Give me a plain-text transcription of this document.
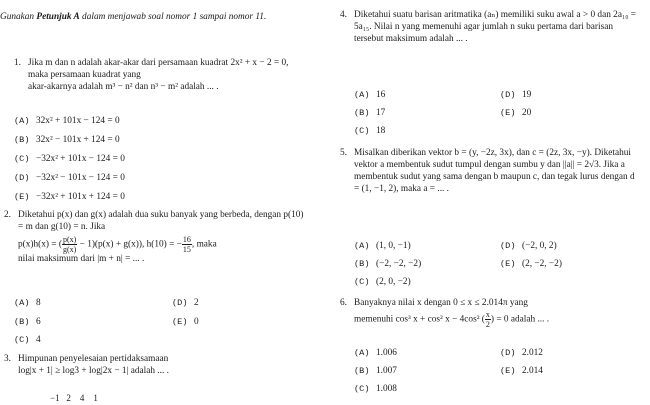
Gunakan Petunjuk A dalam menjawab soal nomor 1 sampai nomor 11.

1. Jika m dan n adalah akar-akar dari persamaan kuadrat 2x² + x − 2 = 0, maka persamaan kuadrat yang

akar-akarnya adalah m³ − n² dan n³ − m² adalah ... .

(A) 32x² + 101x − 124 = 0
(B) 32x² − 101x + 124 = 0
(C) −32x² + 101x − 124 = 0
(D) −32x² − 101x − 124 = 0
(E) −32x² + 101x + 124 = 0
2. Diketahui p(x) dan g(x) adalah dua suku banyak yang berbeda, dengan p(10) = m dan g(10) = n. Jika

p(x)h(x) = ( $\frac{p(x)}{g(x)} - 1)(p(x) + g(x))$, h(10) = − $\frac{16}{15}$ , maka

nilai maksimum dari |m + n| = ... .

(A) 8
(B) 6
(C) 4
(D) 2
(E) 0
3. Himpunan penyelesaian pertidaksamaan

log|x + 1| ≥ log3 + log|2x − 1| adalah ... .

−1   2    4    1
4. Diketahui suatu barisan aritmatika (aₙ) memiliki suku awal a > 0 dan 2a₁₀ = 5a₁₅. Nilai n yang memenuhi agar jumlah n suku pertama dari barisan tersebut maksimum adalah ... .

(A) 16
(B) 17
(C) 18
(D) 19
(E) 20
5. Misalkan diberikan vektor b = (y, −2z, 3x), dan c = (2z, 3x, −y). Diketahui vektor a membentuk sudut tumpul dengan sumbu y dan ||a|| = 2√3. Jika a membentuk sudut yang sama dengan b maupun c, dan tegak lurus dengan d = (1, −1, 2), maka a = ... .

(A) (1, 0, −1)
(B) (−2, −2, −2)
(C) (2, 0, −2)
(D) (−2, 0, 2)
(E) (2, −2, −2)
6. Banyaknya nilai x dengan 0 ≤ x ≤ 2.014π yang

memenuhi cos³ x + cos² x − 4cos² ( $\frac{x}{2}$ ) = 0 adalah ... .

(A) 1.006
(B) 1.007
(C) 1.008
(D) 2.012
(E) 2.014
